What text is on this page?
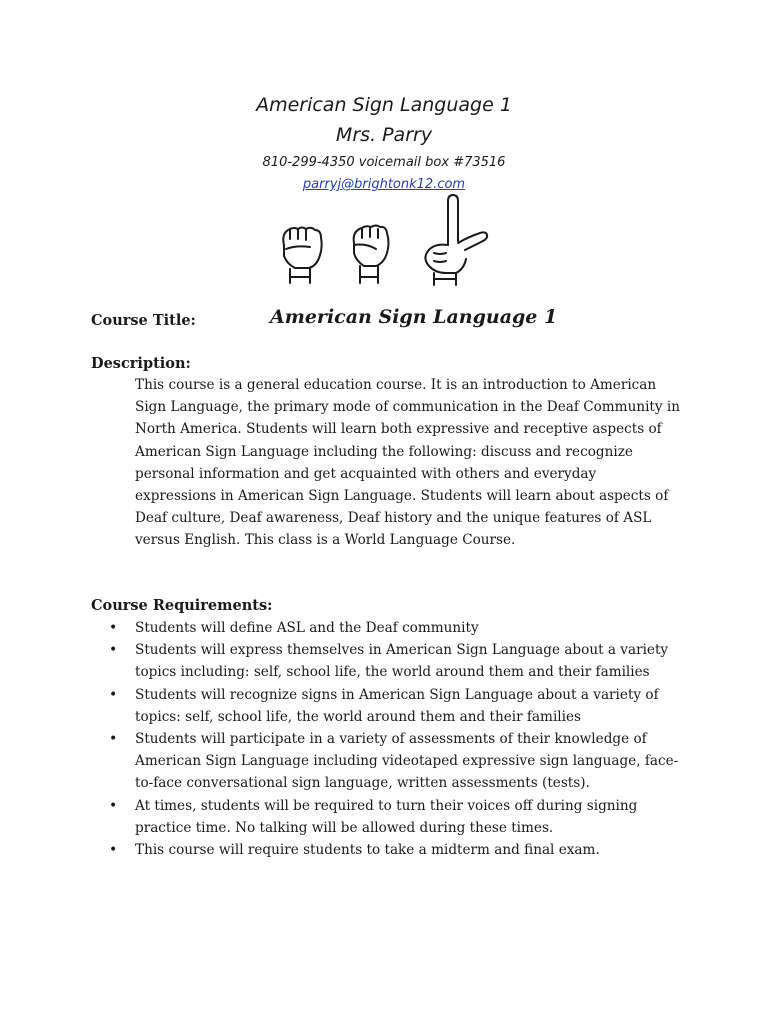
American Sign Language 1
Mrs. Parry
810-299-4350 voicemail box #73516
parryj@brightonk12.com
Course Title:	American Sign Language 1
Description:

This course is a general education course. It is an introduction to American Sign Language, the primary mode of communication in the Deaf Community in North America. Students will learn both expressive and receptive aspects of American Sign Language including the following: discuss and recognize personal information and get acquainted with others and everyday expressions in American Sign Language. Students will learn about aspects of Deaf culture, Deaf awareness, Deaf history and the unique features of ASL versus English. This class is a World Language Course.

Course Requirements:
• Students will define ASL and the Deaf community
• Students will express themselves in American Sign Language about a variety topics including: self, school life, the world around them and their families
• Students will recognize signs in American Sign Language about a variety of topics: self, school life, the world around them and their families
• Students will participate in a variety of assessments of their knowledge of American Sign Language including videotaped expressive sign language, face-to-face conversational sign language, written assessments (tests).
• At times, students will be required to turn their voices off during signing practice time. No talking will be allowed during these times.
• This course will require students to take a midterm and final exam.
